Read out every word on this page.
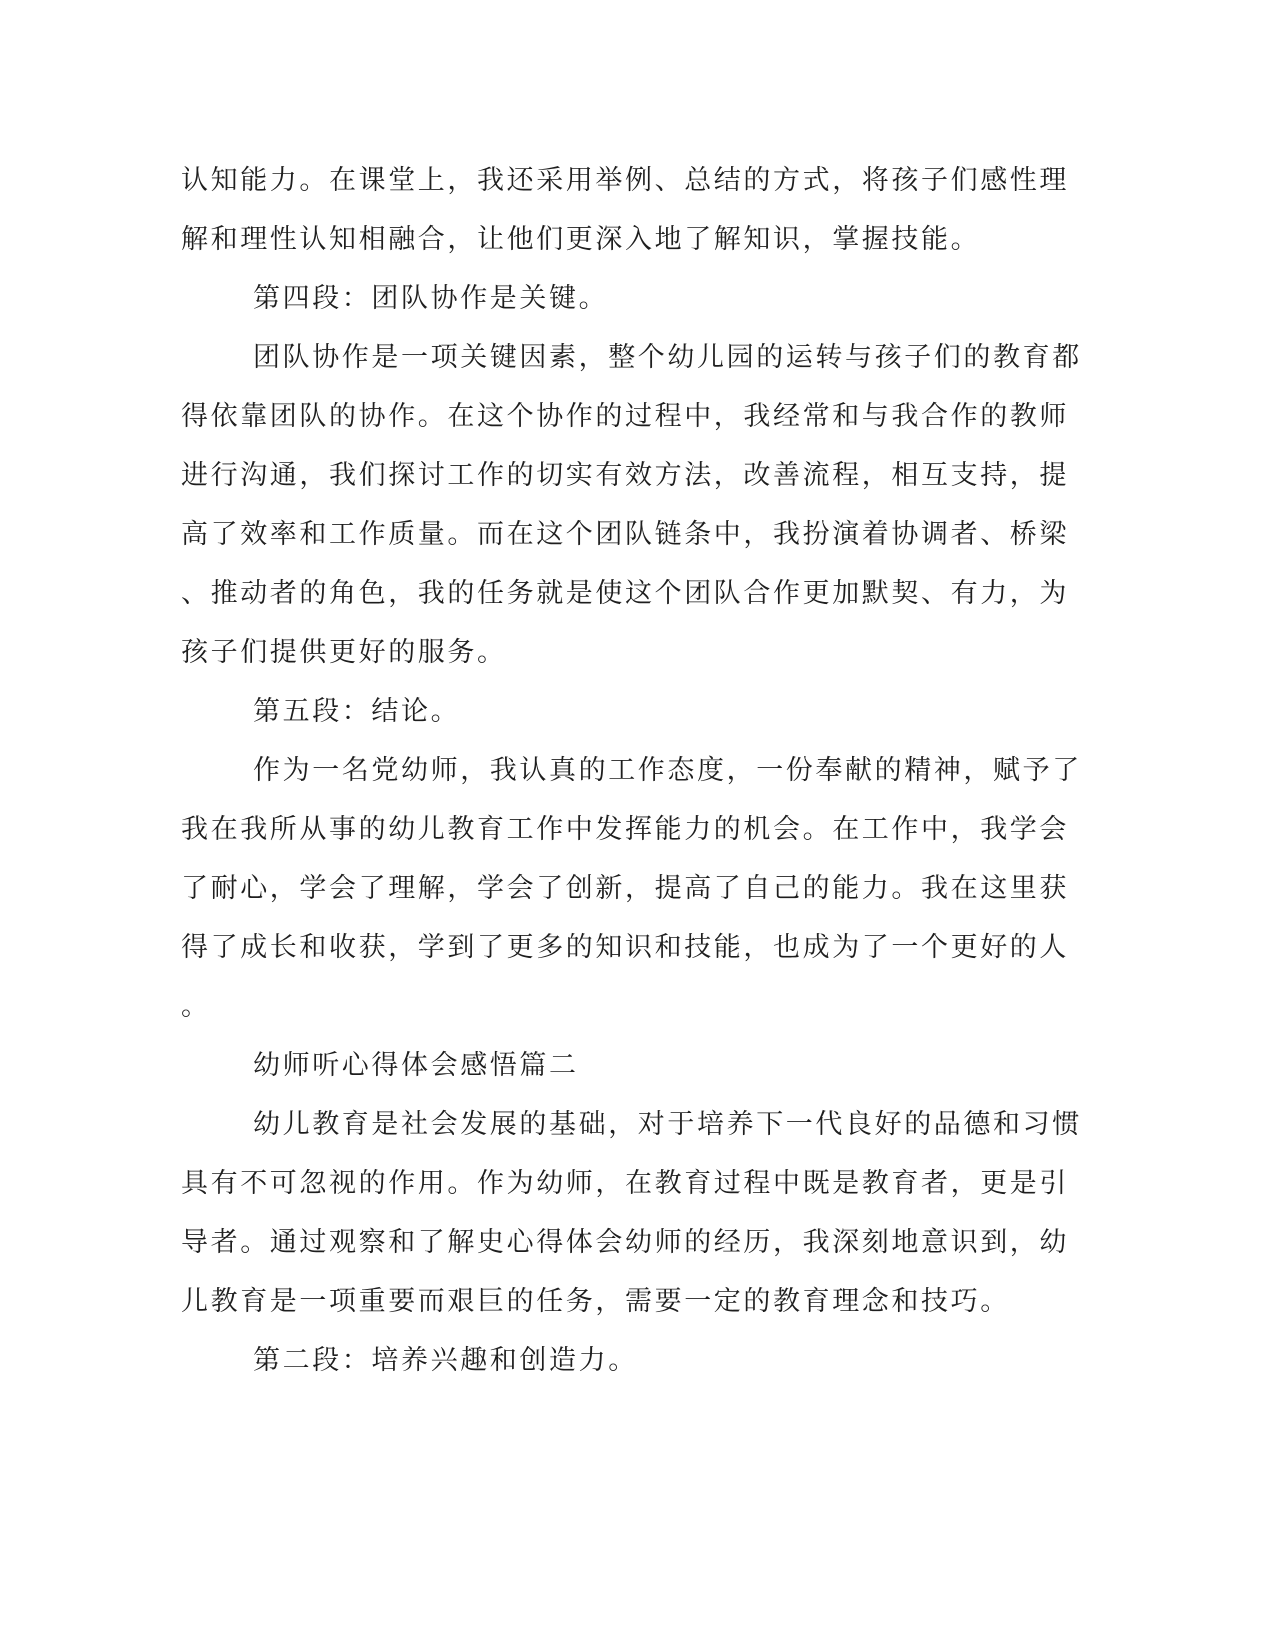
认知能力。在课堂上，我还采用举例、总结的方式，将孩子们感性理
解和理性认知相融合，让他们更深入地了解知识，掌握技能。
第四段：团队协作是关键。
团队协作是一项关键因素，整个幼儿园的运转与孩子们的教育都
得依靠团队的协作。在这个协作的过程中，我经常和与我合作的教师
进行沟通，我们探讨工作的切实有效方法，改善流程，相互支持，提
高了效率和工作质量。而在这个团队链条中，我扮演着协调者、桥梁
、推动者的角色，我的任务就是使这个团队合作更加默契、有力，为
孩子们提供更好的服务。
第五段：结论。
作为一名党幼师，我认真的工作态度，一份奉献的精神，赋予了
我在我所从事的幼儿教育工作中发挥能力的机会。在工作中，我学会
了耐心，学会了理解，学会了创新，提高了自己的能力。我在这里获
得了成长和收获，学到了更多的知识和技能，也成为了一个更好的人
。
幼师听心得体会感悟篇二
幼儿教育是社会发展的基础，对于培养下一代良好的品德和习惯
具有不可忽视的作用。作为幼师，在教育过程中既是教育者，更是引
导者。通过观察和了解史心得体会幼师的经历，我深刻地意识到，幼
儿教育是一项重要而艰巨的任务，需要一定的教育理念和技巧。
第二段：培养兴趣和创造力。
